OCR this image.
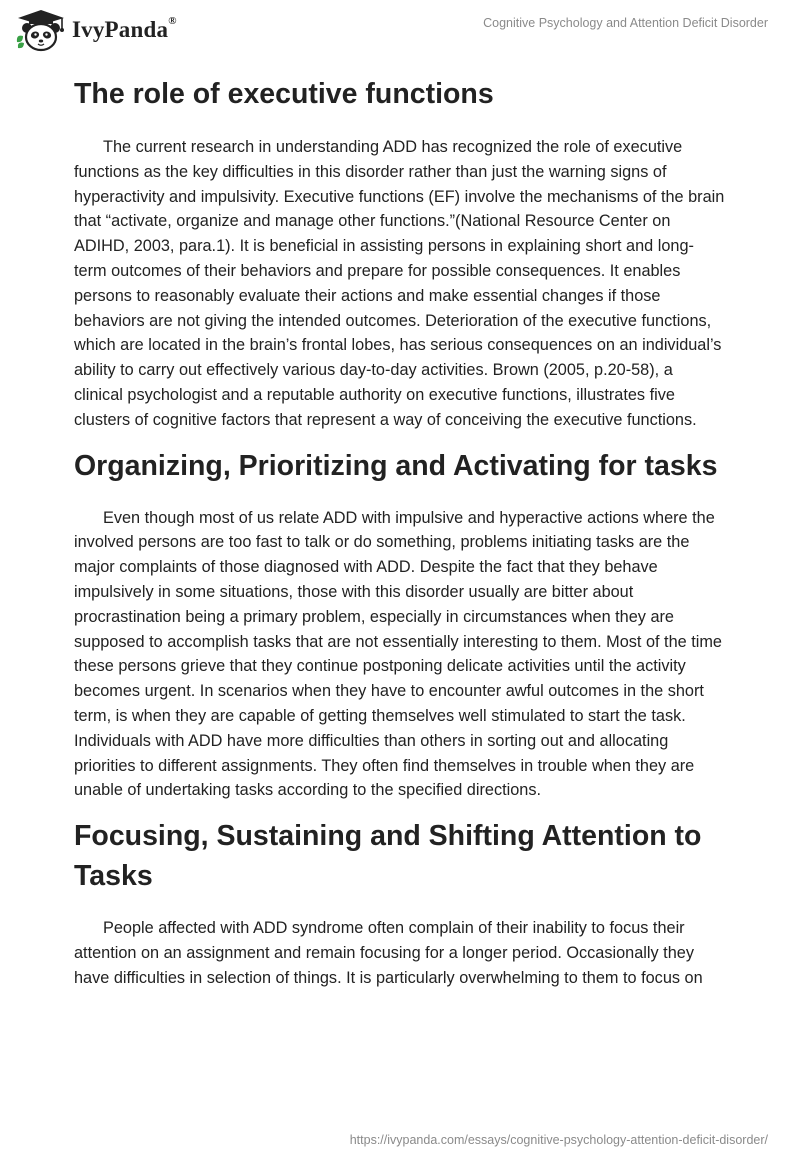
IvyPanda®	Cognitive Psychology and Attention Deficit Disorder
The role of executive functions

The current research in understanding ADD has recognized the role of executive functions as the key difficulties in this disorder rather than just the warning signs of hyperactivity and impulsivity. Executive functions (EF) involve the mechanisms of the brain that “activate, organize and manage other functions.”(National Resource Center on ADIHD, 2003, para.1). It is beneficial in assisting persons in explaining short and long-term outcomes of their behaviors and prepare for possible consequences. It enables persons to reasonably evaluate their actions and make essential changes if those behaviors are not giving the intended outcomes. Deterioration of the executive functions, which are located in the brain’s frontal lobes, has serious consequences on an individual’s ability to carry out effectively various day-to-day activities. Brown (2005, p.20-58), a clinical psychologist and a reputable authority on executive functions, illustrates five clusters of cognitive factors that represent a way of conceiving the executive functions.

Organizing, Prioritizing and Activating for tasks

Even though most of us relate ADD with impulsive and hyperactive actions where the involved persons are too fast to talk or do something, problems initiating tasks are the major complaints of those diagnosed with ADD. Despite the fact that they behave impulsively in some situations, those with this disorder usually are bitter about procrastination being a primary problem, especially in circumstances when they are supposed to accomplish tasks that are not essentially interesting to them. Most of the time these persons grieve that they continue postponing delicate activities until the activity becomes urgent. In scenarios when they have to encounter awful outcomes in the short term, is when they are capable of getting themselves well stimulated to start the task. Individuals with ADD have more difficulties than others in sorting out and allocating priorities to different assignments. They often find themselves in trouble when they are unable of undertaking tasks according to the specified directions.

Focusing, Sustaining and Shifting Attention to Tasks

People affected with ADD syndrome often complain of their inability to focus their attention on an assignment and remain focusing for a longer period. Occasionally they have difficulties in selection of things. It is particularly overwhelming to them to focus on

https://ivypanda.com/essays/cognitive-psychology-attention-deficit-disorder/
